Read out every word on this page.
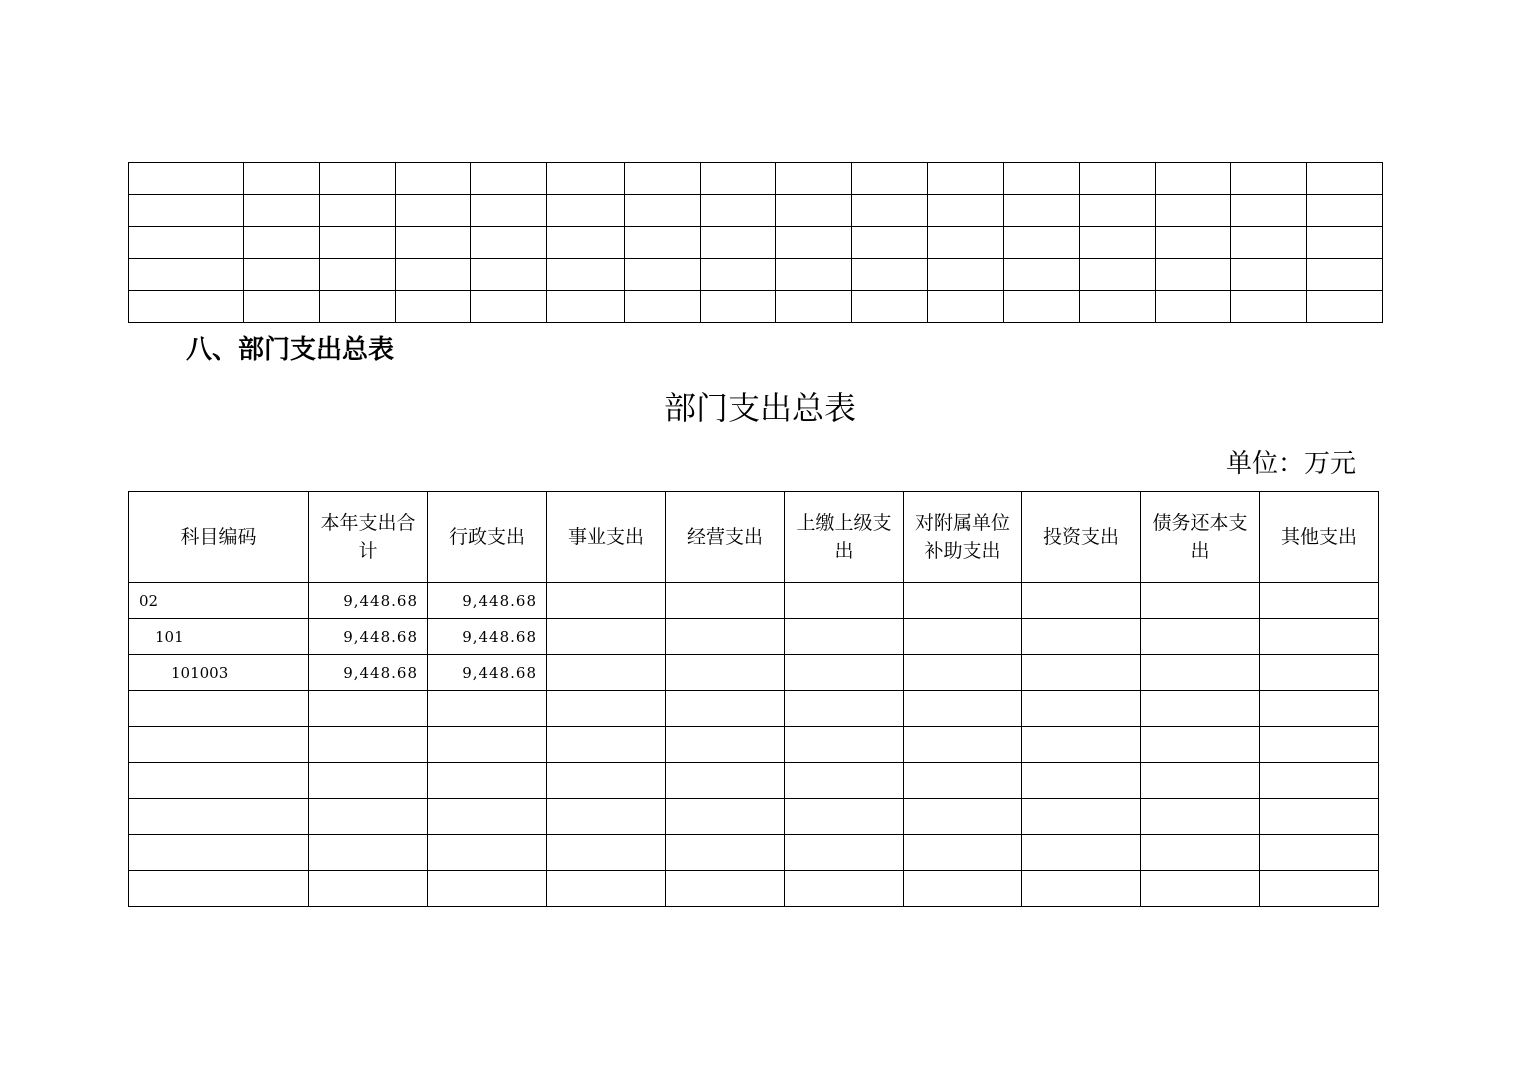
八、部门支出总表
部门支出总表
单位：万元
科目编码	本年支出合计	行政支出	事业支出	经营支出	上缴上级支出	对附属单位补助支出	投资支出	债务还本支出	其他支出
02	9,448.68	9,448.68							
101	9,448.68	9,448.68							
101003	9,448.68	9,448.68							
